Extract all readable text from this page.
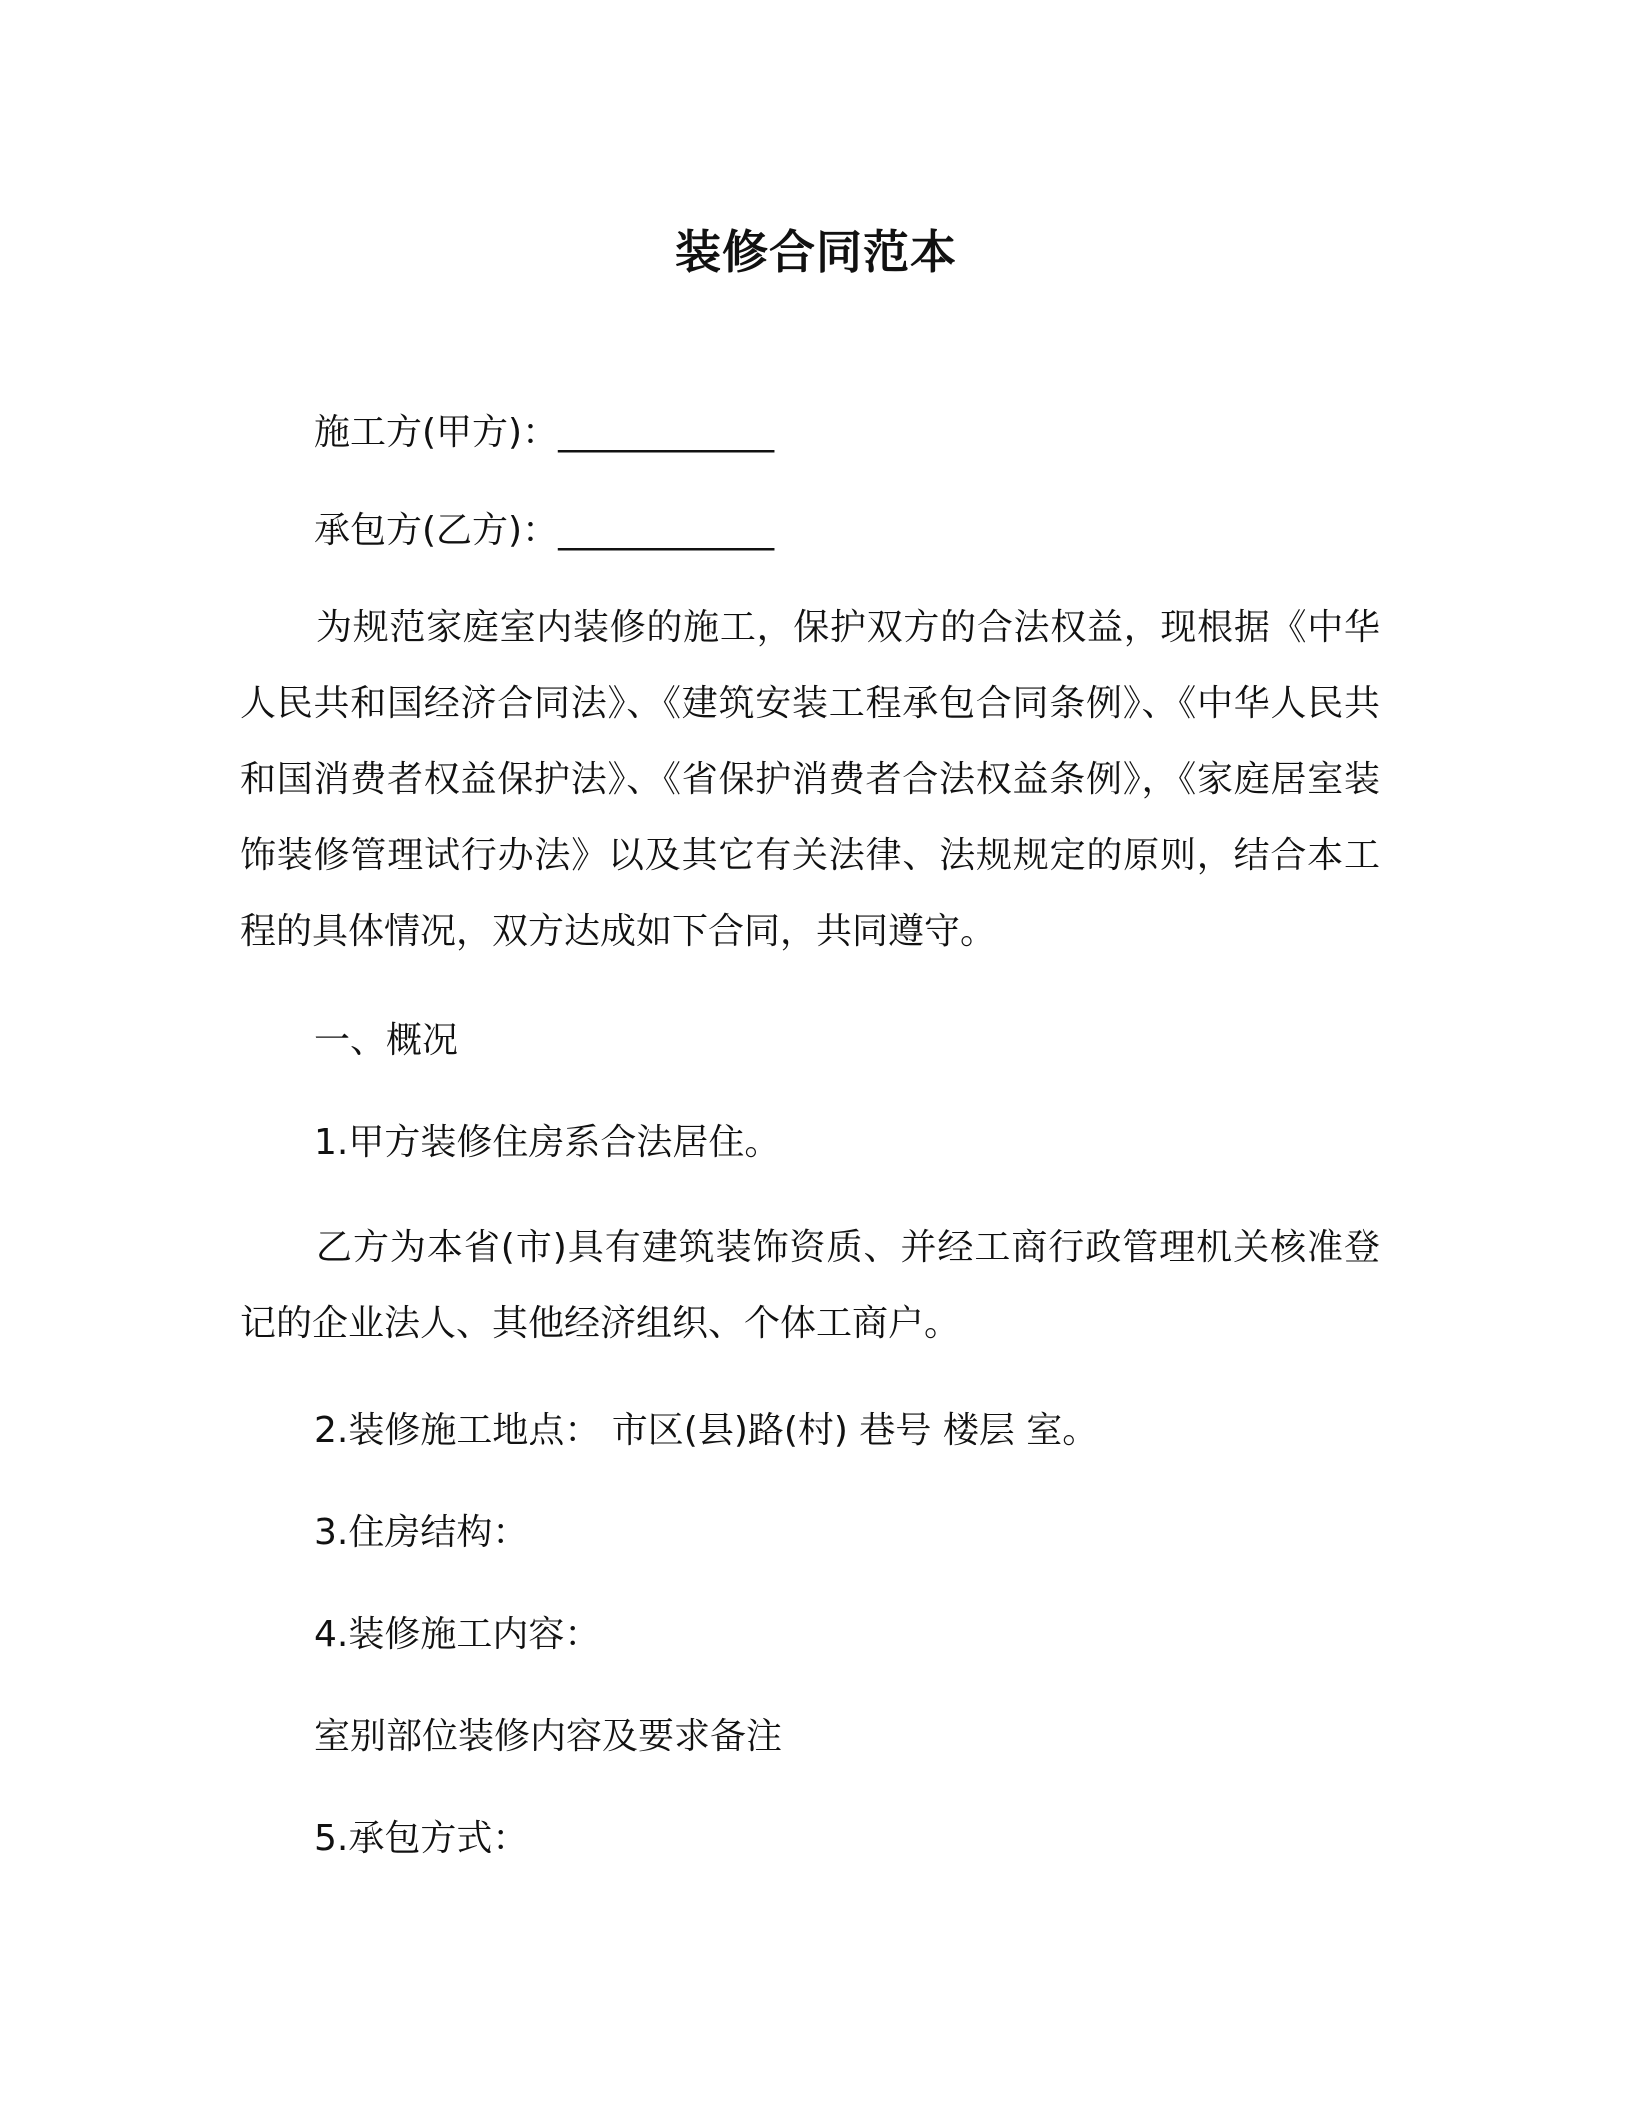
装修合同范本
施工方(甲方)：____________
承包方(乙方)：____________
为规范家庭室内装修的施工，保护双方的合法权益，现根据《中华人民共和国经济合同法》、《建筑安装工程承包合同条例》、《中华人民共和国消费者权益保护法》、《省保护消费者合法权益条例》，《家庭居室装饰装修管理试行办法》以及其它有关法律、法规规定的原则，结合本工程的具体情况，双方达成如下合同，共同遵守。
一、概况
1.甲方装修住房系合法居住。
乙方为本省(市)具有建筑装饰资质、并经工商行政管理机关核准登记的企业法人、其他经济组织、个体工商户。
2.装修施工地点： 市区(县)路(村) 巷号 楼层 室。
3.住房结构：
4.装修施工内容：
室别部位装修内容及要求备注
5.承包方式：
